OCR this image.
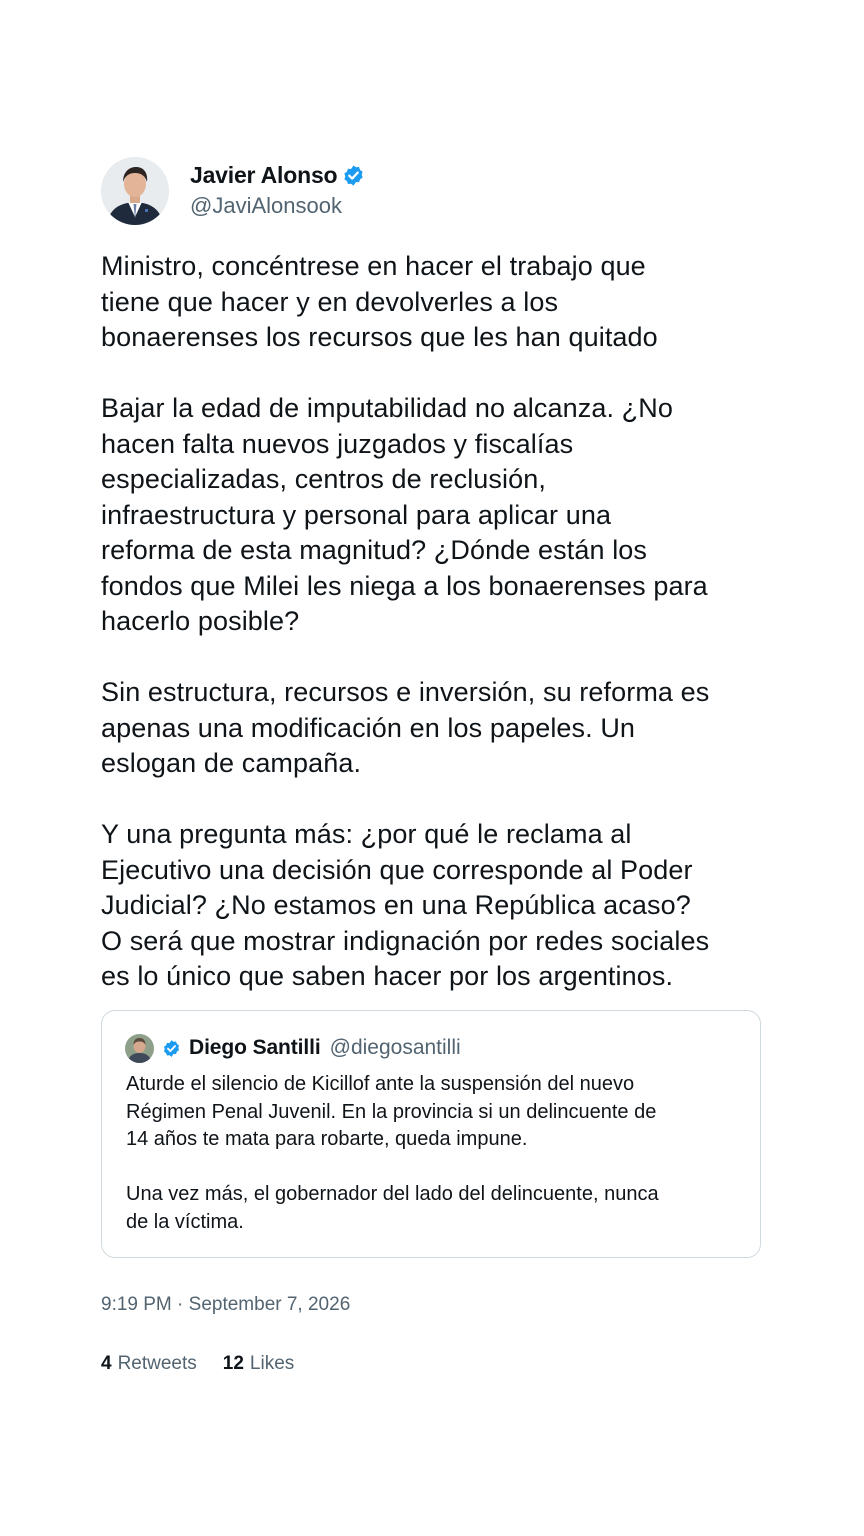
Javier Alonso
@JaviAlonsook
Ministro, concéntrese en hacer el trabajo que
tiene que hacer y en devolverles a los
bonaerenses los recursos que les han quitado

Bajar la edad de imputabilidad no alcanza. ¿No
hacen falta nuevos juzgados y fiscalías
especializadas, centros de reclusión,
infraestructura y personal para aplicar una
reforma de esta magnitud? ¿Dónde están los
fondos que Milei les niega a los bonaerenses para
hacerlo posible?

Sin estructura, recursos e inversión, su reforma es
apenas una modificación en los papeles. Un
eslogan de campaña.

Y una pregunta más: ¿por qué le reclama al
Ejecutivo una decisión que corresponde al Poder
Judicial? ¿No estamos en una República acaso?
O será que mostrar indignación por redes sociales
es lo único que saben hacer por los argentinos.
Diego Santilli @diegosantilli
Aturde el silencio de Kicillof ante la suspensión del nuevo
Régimen Penal Juvenil. En la provincia si un delincuente de
14 años te mata para robarte, queda impune.

Una vez más, el gobernador del lado del delincuente, nunca
de la víctima.
9:19 PM · September 7, 2026
4 Retweets 12 Likes
